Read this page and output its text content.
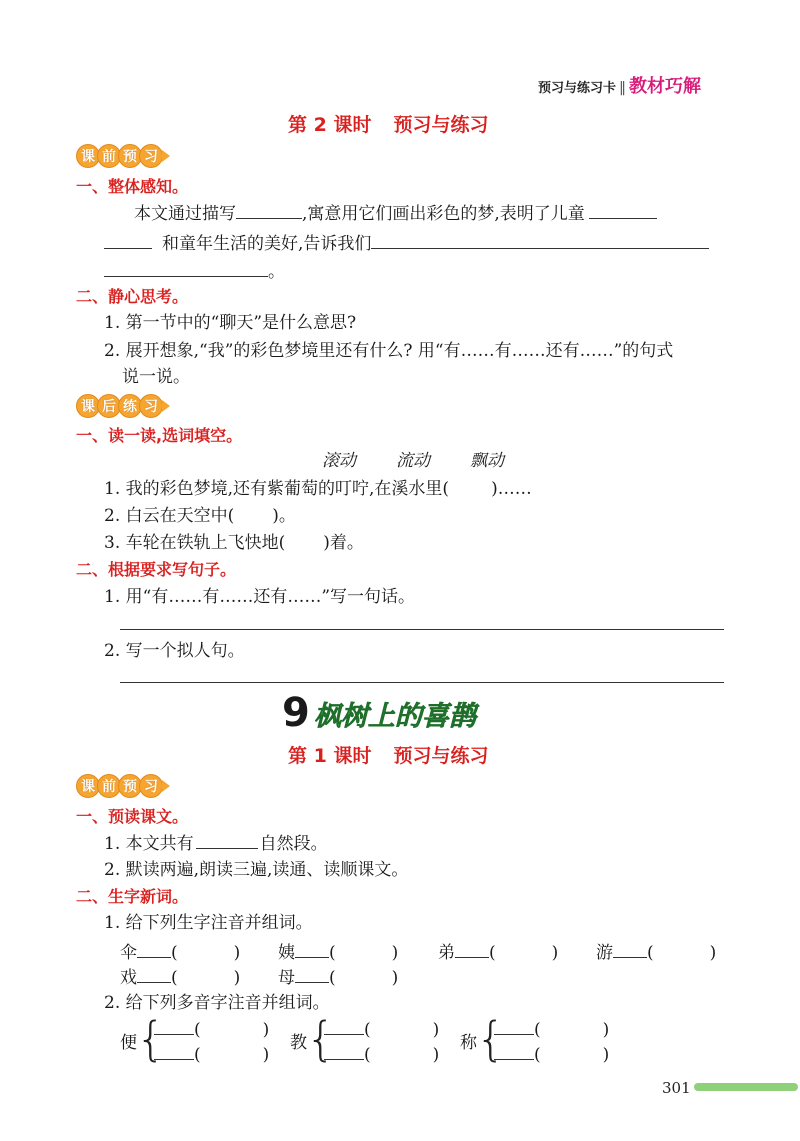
预习与练习卡 ‖ 教材巧解
第 2 课时 预习与练习
课 前 预 习
一、整体感知。
本文通过描写	,寓意用它们画出彩色的梦,表明了儿童
和童年生活的美好,告诉我们
。
二、静心思考。
1. 第一节中的“聊天”是什么意思?
2. 展开想象,“我”的彩色梦境里还有什么? 用“有……有……还有……”的句式
说一说。
课 后 练 习
一、读一读,选词填空。
滚动 流动 飘动
1. 我的彩色梦境,还有紫葡萄的叮咛,在溪水里( )……
2. 白云在天空中( )。
3. 车轮在铁轨上飞快地( )着。
二、根据要求写句子。
1. 用“有……有……还有……”写一句话。
2. 写一个拟人句。
9 枫树上的喜鹊
第 1 课时 预习与练习
课 前 预 习
一、预读课文。
1. 本文共有	自然段。
2. 默读两遍,朗读三遍,读通、读顺课文。
二、生字新词。
1. 给下列生字注音并组词。
伞 (	) 姨 (	) 弟 (	) 游 (	)
戏 (	) 母 (	)
2. 给下列多音字注音并组词。
便 {	(	)
(	)
教 {	(	)
(	)
称 {	(	)
(	)
301
